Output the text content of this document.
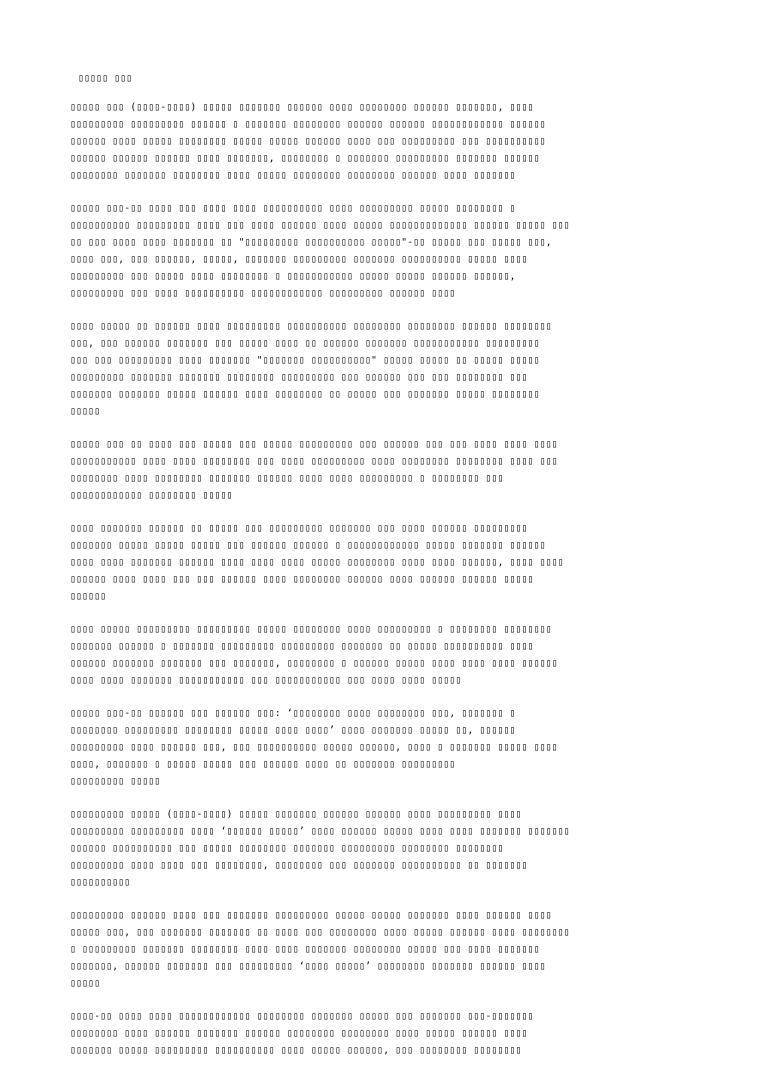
▯▯▯▯▯ ▯▯▯
▯▯▯▯▯ ▯▯▯ (▯▯▯▯-▯▯▯▯) ▯▯▯▯▯ ▯▯▯▯▯▯▯ ▯▯▯▯▯▯ ▯▯▯▯ ▯▯▯▯▯▯▯▯ ▯▯▯▯▯▯ ▯▯▯▯▯▯▯, ▯▯▯▯
▯▯▯▯▯▯▯▯▯ ▯▯▯▯▯▯▯▯▯ ▯▯▯▯▯▯ ▯ ▯▯▯▯▯▯▯ ▯▯▯▯▯▯▯▯ ▯▯▯▯▯▯ ▯▯▯▯▯▯ ▯▯▯▯▯▯▯▯▯▯▯▯ ▯▯▯▯▯▯
▯▯▯▯▯▯ ▯▯▯▯ ▯▯▯▯▯ ▯▯▯▯▯▯▯▯ ▯▯▯▯▯ ▯▯▯▯▯ ▯▯▯▯▯▯ ▯▯▯▯ ▯▯▯ ▯▯▯▯▯▯▯▯▯ ▯▯▯ ▯▯▯▯▯▯▯▯▯▯
▯▯▯▯▯▯ ▯▯▯▯▯▯ ▯▯▯▯▯▯ ▯▯▯▯ ▯▯▯▯▯▯▯, ▯▯▯▯▯▯▯▯ ▯ ▯▯▯▯▯▯▯ ▯▯▯▯▯▯▯▯▯ ▯▯▯▯▯▯▯ ▯▯▯▯▯▯
▯▯▯▯▯▯▯▯ ▯▯▯▯▯▯▯ ▯▯▯▯▯▯▯▯ ▯▯▯▯ ▯▯▯▯▯ ▯▯▯▯▯▯▯▯ ▯▯▯▯▯▯▯▯ ▯▯▯▯▯▯ ▯▯▯▯ ▯▯▯▯▯▯▯
▯▯▯▯▯ ▯▯▯-▯▯ ▯▯▯▯ ▯▯▯ ▯▯▯▯ ▯▯▯▯ ▯▯▯▯▯▯▯▯▯▯ ▯▯▯▯ ▯▯▯▯▯▯▯▯▯ ▯▯▯▯▯ ▯▯▯▯▯▯▯▯ ▯
▯▯▯▯▯▯▯▯▯▯ ▯▯▯▯▯▯▯▯▯ ▯▯▯▯ ▯▯▯ ▯▯▯▯ ▯▯▯▯▯▯ ▯▯▯▯ ▯▯▯▯▯ ▯▯▯▯▯▯▯▯▯▯▯▯▯ ▯▯▯▯▯▯ ▯▯▯▯▯ ▯▯▯
▯▯ ▯▯▯ ▯▯▯▯ ▯▯▯▯ ▯▯▯▯▯▯▯ ▯▯ "▯▯▯▯▯▯▯▯▯ ▯▯▯▯▯▯▯▯▯▯ ▯▯▯▯▯"-▯▯ ▯▯▯▯▯ ▯▯▯ ▯▯▯▯▯ ▯▯▯,
▯▯▯▯ ▯▯▯, ▯▯▯ ▯▯▯▯▯▯, ▯▯▯▯▯, ▯▯▯▯▯▯▯ ▯▯▯▯▯▯▯▯▯ ▯▯▯▯▯▯▯ ▯▯▯▯▯▯▯▯▯▯ ▯▯▯▯▯ ▯▯▯▯
▯▯▯▯▯▯▯▯▯ ▯▯▯ ▯▯▯▯▯ ▯▯▯▯ ▯▯▯▯▯▯▯▯ ▯ ▯▯▯▯▯▯▯▯▯▯▯ ▯▯▯▯▯ ▯▯▯▯▯ ▯▯▯▯▯▯ ▯▯▯▯▯▯,
▯▯▯▯▯▯▯▯▯ ▯▯▯ ▯▯▯▯ ▯▯▯▯▯▯▯▯▯▯ ▯▯▯▯▯▯▯▯▯▯▯▯ ▯▯▯▯▯▯▯▯▯ ▯▯▯▯▯▯ ▯▯▯▯
▯▯▯▯ ▯▯▯▯▯ ▯▯ ▯▯▯▯▯▯ ▯▯▯▯ ▯▯▯▯▯▯▯▯▯ ▯▯▯▯▯▯▯▯▯▯ ▯▯▯▯▯▯▯▯ ▯▯▯▯▯▯▯▯ ▯▯▯▯▯▯ ▯▯▯▯▯▯▯▯
▯▯▯, ▯▯▯ ▯▯▯▯▯▯ ▯▯▯▯▯▯▯ ▯▯▯ ▯▯▯▯▯ ▯▯▯▯ ▯▯ ▯▯▯▯▯▯ ▯▯▯▯▯▯▯ ▯▯▯▯▯▯▯▯▯▯▯ ▯▯▯▯▯▯▯▯▯
▯▯▯ ▯▯▯ ▯▯▯▯▯▯▯▯▯ ▯▯▯▯ ▯▯▯▯▯▯▯ "▯▯▯▯▯▯▯ ▯▯▯▯▯▯▯▯▯▯" ▯▯▯▯▯ ▯▯▯▯▯ ▯▯ ▯▯▯▯▯ ▯▯▯▯▯
▯▯▯▯▯▯▯▯▯ ▯▯▯▯▯▯▯ ▯▯▯▯▯▯▯ ▯▯▯▯▯▯▯▯ ▯▯▯▯▯▯▯▯▯ ▯▯▯ ▯▯▯▯▯▯ ▯▯▯ ▯▯▯ ▯▯▯▯▯▯▯▯ ▯▯▯
▯▯▯▯▯▯▯ ▯▯▯▯▯▯▯ ▯▯▯▯▯ ▯▯▯▯▯▯ ▯▯▯▯ ▯▯▯▯▯▯▯▯ ▯▯ ▯▯▯▯▯ ▯▯▯ ▯▯▯▯▯▯▯ ▯▯▯▯▯ ▯▯▯▯▯▯▯▯
▯▯▯▯▯
▯▯▯▯▯ ▯▯▯ ▯▯ ▯▯▯▯ ▯▯▯ ▯▯▯▯▯ ▯▯▯ ▯▯▯▯▯ ▯▯▯▯▯▯▯▯▯ ▯▯▯ ▯▯▯▯▯▯ ▯▯▯ ▯▯▯ ▯▯▯▯ ▯▯▯▯ ▯▯▯▯
▯▯▯▯▯▯▯▯▯▯▯ ▯▯▯▯ ▯▯▯▯ ▯▯▯▯▯▯▯▯ ▯▯▯ ▯▯▯▯ ▯▯▯▯▯▯▯▯▯ ▯▯▯▯ ▯▯▯▯▯▯▯▯ ▯▯▯▯▯▯▯▯ ▯▯▯▯ ▯▯▯
▯▯▯▯▯▯▯▯ ▯▯▯▯ ▯▯▯▯▯▯▯▯ ▯▯▯▯▯▯▯ ▯▯▯▯▯▯ ▯▯▯▯ ▯▯▯▯ ▯▯▯▯▯▯▯▯▯ ▯ ▯▯▯▯▯▯▯▯ ▯▯▯
▯▯▯▯▯▯▯▯▯▯▯▯ ▯▯▯▯▯▯▯▯ ▯▯▯▯▯
▯▯▯▯ ▯▯▯▯▯▯▯ ▯▯▯▯▯▯ ▯▯ ▯▯▯▯▯ ▯▯▯ ▯▯▯▯▯▯▯▯▯ ▯▯▯▯▯▯▯ ▯▯▯ ▯▯▯▯ ▯▯▯▯▯▯ ▯▯▯▯▯▯▯▯▯
▯▯▯▯▯▯▯ ▯▯▯▯▯ ▯▯▯▯▯ ▯▯▯▯▯ ▯▯▯ ▯▯▯▯▯▯ ▯▯▯▯▯▯ ▯ ▯▯▯▯▯▯▯▯▯▯▯▯ ▯▯▯▯▯ ▯▯▯▯▯▯▯ ▯▯▯▯▯▯
▯▯▯▯ ▯▯▯▯ ▯▯▯▯▯▯▯ ▯▯▯▯▯▯ ▯▯▯▯ ▯▯▯▯ ▯▯▯▯ ▯▯▯▯▯ ▯▯▯▯▯▯▯▯ ▯▯▯▯ ▯▯▯▯ ▯▯▯▯▯▯, ▯▯▯▯ ▯▯▯▯
▯▯▯▯▯▯ ▯▯▯▯ ▯▯▯▯ ▯▯▯ ▯▯▯ ▯▯▯▯▯▯ ▯▯▯▯ ▯▯▯▯▯▯▯▯ ▯▯▯▯▯▯ ▯▯▯▯ ▯▯▯▯▯▯ ▯▯▯▯▯▯ ▯▯▯▯▯
▯▯▯▯▯▯
▯▯▯▯ ▯▯▯▯▯ ▯▯▯▯▯▯▯▯▯ ▯▯▯▯▯▯▯▯▯ ▯▯▯▯▯ ▯▯▯▯▯▯▯▯ ▯▯▯▯ ▯▯▯▯▯▯▯▯▯ ▯ ▯▯▯▯▯▯▯▯ ▯▯▯▯▯▯▯▯
▯▯▯▯▯▯▯ ▯▯▯▯▯▯ ▯ ▯▯▯▯▯▯▯ ▯▯▯▯▯▯▯▯▯ ▯▯▯▯▯▯▯▯▯ ▯▯▯▯▯▯▯ ▯▯ ▯▯▯▯▯ ▯▯▯▯▯▯▯▯▯▯ ▯▯▯▯
▯▯▯▯▯▯ ▯▯▯▯▯▯▯ ▯▯▯▯▯▯▯ ▯▯▯ ▯▯▯▯▯▯▯, ▯▯▯▯▯▯▯▯ ▯ ▯▯▯▯▯▯ ▯▯▯▯▯ ▯▯▯▯ ▯▯▯▯ ▯▯▯▯ ▯▯▯▯▯▯
▯▯▯▯ ▯▯▯▯ ▯▯▯▯▯▯▯ ▯▯▯▯▯▯▯▯▯▯▯ ▯▯▯ ▯▯▯▯▯▯▯▯▯▯▯ ▯▯▯ ▯▯▯▯ ▯▯▯▯ ▯▯▯▯▯
▯▯▯▯▯ ▯▯▯-▯▯ ▯▯▯▯▯▯ ▯▯▯ ▯▯▯▯▯▯ ▯▯▯: ‘▯▯▯▯▯▯▯▯ ▯▯▯▯ ▯▯▯▯▯▯▯▯ ▯▯▯, ▯▯▯▯▯▯▯ ▯
▯▯▯▯▯▯▯▯ ▯▯▯▯▯▯▯▯▯ ▯▯▯▯▯▯▯▯ ▯▯▯▯▯ ▯▯▯▯ ▯▯▯▯’ ▯▯▯▯ ▯▯▯▯▯▯▯ ▯▯▯▯▯ ▯▯, ▯▯▯▯▯▯
▯▯▯▯▯▯▯▯▯ ▯▯▯▯ ▯▯▯▯▯▯ ▯▯▯, ▯▯▯ ▯▯▯▯▯▯▯▯▯▯ ▯▯▯▯▯ ▯▯▯▯▯▯, ▯▯▯▯ ▯ ▯▯▯▯▯▯▯ ▯▯▯▯▯ ▯▯▯▯
▯▯▯▯, ▯▯▯▯▯▯▯ ▯ ▯▯▯▯▯ ▯▯▯▯▯ ▯▯▯ ▯▯▯▯▯▯ ▯▯▯▯ ▯▯ ▯▯▯▯▯▯▯ ▯▯▯▯▯▯▯▯▯
▯▯▯▯▯▯▯▯▯ ▯▯▯▯▯
▯▯▯▯▯▯▯▯▯ ▯▯▯▯▯ (▯▯▯▯-▯▯▯▯) ▯▯▯▯▯ ▯▯▯▯▯▯▯ ▯▯▯▯▯▯ ▯▯▯▯▯▯ ▯▯▯▯ ▯▯▯▯▯▯▯▯▯ ▯▯▯▯
▯▯▯▯▯▯▯▯▯ ▯▯▯▯▯▯▯▯▯ ▯▯▯▯ ‘▯▯▯▯▯▯ ▯▯▯▯▯’ ▯▯▯▯ ▯▯▯▯▯▯ ▯▯▯▯▯ ▯▯▯▯ ▯▯▯▯ ▯▯▯▯▯▯▯ ▯▯▯▯▯▯▯
▯▯▯▯▯▯ ▯▯▯▯▯▯▯▯▯▯ ▯▯▯ ▯▯▯▯▯ ▯▯▯▯▯▯▯▯ ▯▯▯▯▯▯▯ ▯▯▯▯▯▯▯▯▯ ▯▯▯▯▯▯▯▯ ▯▯▯▯▯▯▯▯
▯▯▯▯▯▯▯▯▯ ▯▯▯▯ ▯▯▯▯ ▯▯▯ ▯▯▯▯▯▯▯▯, ▯▯▯▯▯▯▯▯ ▯▯▯ ▯▯▯▯▯▯▯ ▯▯▯▯▯▯▯▯▯▯ ▯▯ ▯▯▯▯▯▯▯
▯▯▯▯▯▯▯▯▯▯
▯▯▯▯▯▯▯▯▯ ▯▯▯▯▯▯ ▯▯▯▯ ▯▯▯ ▯▯▯▯▯▯▯ ▯▯▯▯▯▯▯▯▯ ▯▯▯▯▯ ▯▯▯▯▯ ▯▯▯▯▯▯▯ ▯▯▯▯ ▯▯▯▯▯▯ ▯▯▯▯
▯▯▯▯▯ ▯▯▯, ▯▯▯ ▯▯▯▯▯▯▯ ▯▯▯▯▯▯▯ ▯▯ ▯▯▯▯ ▯▯▯ ▯▯▯▯▯▯▯▯ ▯▯▯▯ ▯▯▯▯▯ ▯▯▯▯▯▯ ▯▯▯▯ ▯▯▯▯▯▯▯▯
▯ ▯▯▯▯▯▯▯▯▯ ▯▯▯▯▯▯▯ ▯▯▯▯▯▯▯▯ ▯▯▯▯ ▯▯▯▯ ▯▯▯▯▯▯▯ ▯▯▯▯▯▯▯▯ ▯▯▯▯▯ ▯▯▯ ▯▯▯▯ ▯▯▯▯▯▯▯
▯▯▯▯▯▯▯, ▯▯▯▯▯▯ ▯▯▯▯▯▯▯ ▯▯▯ ▯▯▯▯▯▯▯▯▯ ‘▯▯▯▯ ▯▯▯▯▯’ ▯▯▯▯▯▯▯▯ ▯▯▯▯▯▯▯ ▯▯▯▯▯▯ ▯▯▯▯
▯▯▯▯▯
▯▯▯▯-▯▯ ▯▯▯▯ ▯▯▯▯ ▯▯▯▯▯▯▯▯▯▯▯▯ ▯▯▯▯▯▯▯▯ ▯▯▯▯▯▯▯ ▯▯▯▯▯ ▯▯▯ ▯▯▯▯▯▯▯ ▯▯▯-▯▯▯▯▯▯▯
▯▯▯▯▯▯▯▯ ▯▯▯▯ ▯▯▯▯▯▯ ▯▯▯▯▯▯▯ ▯▯▯▯▯▯ ▯▯▯▯▯▯▯▯ ▯▯▯▯▯▯▯▯ ▯▯▯▯ ▯▯▯▯▯ ▯▯▯▯▯▯ ▯▯▯▯
▯▯▯▯▯▯▯ ▯▯▯▯▯ ▯▯▯▯▯▯▯▯▯ ▯▯▯▯▯▯▯▯▯▯ ▯▯▯▯ ▯▯▯▯▯ ▯▯▯▯▯▯, ▯▯▯ ▯▯▯▯▯▯▯▯ ▯▯▯▯▯▯▯▯
